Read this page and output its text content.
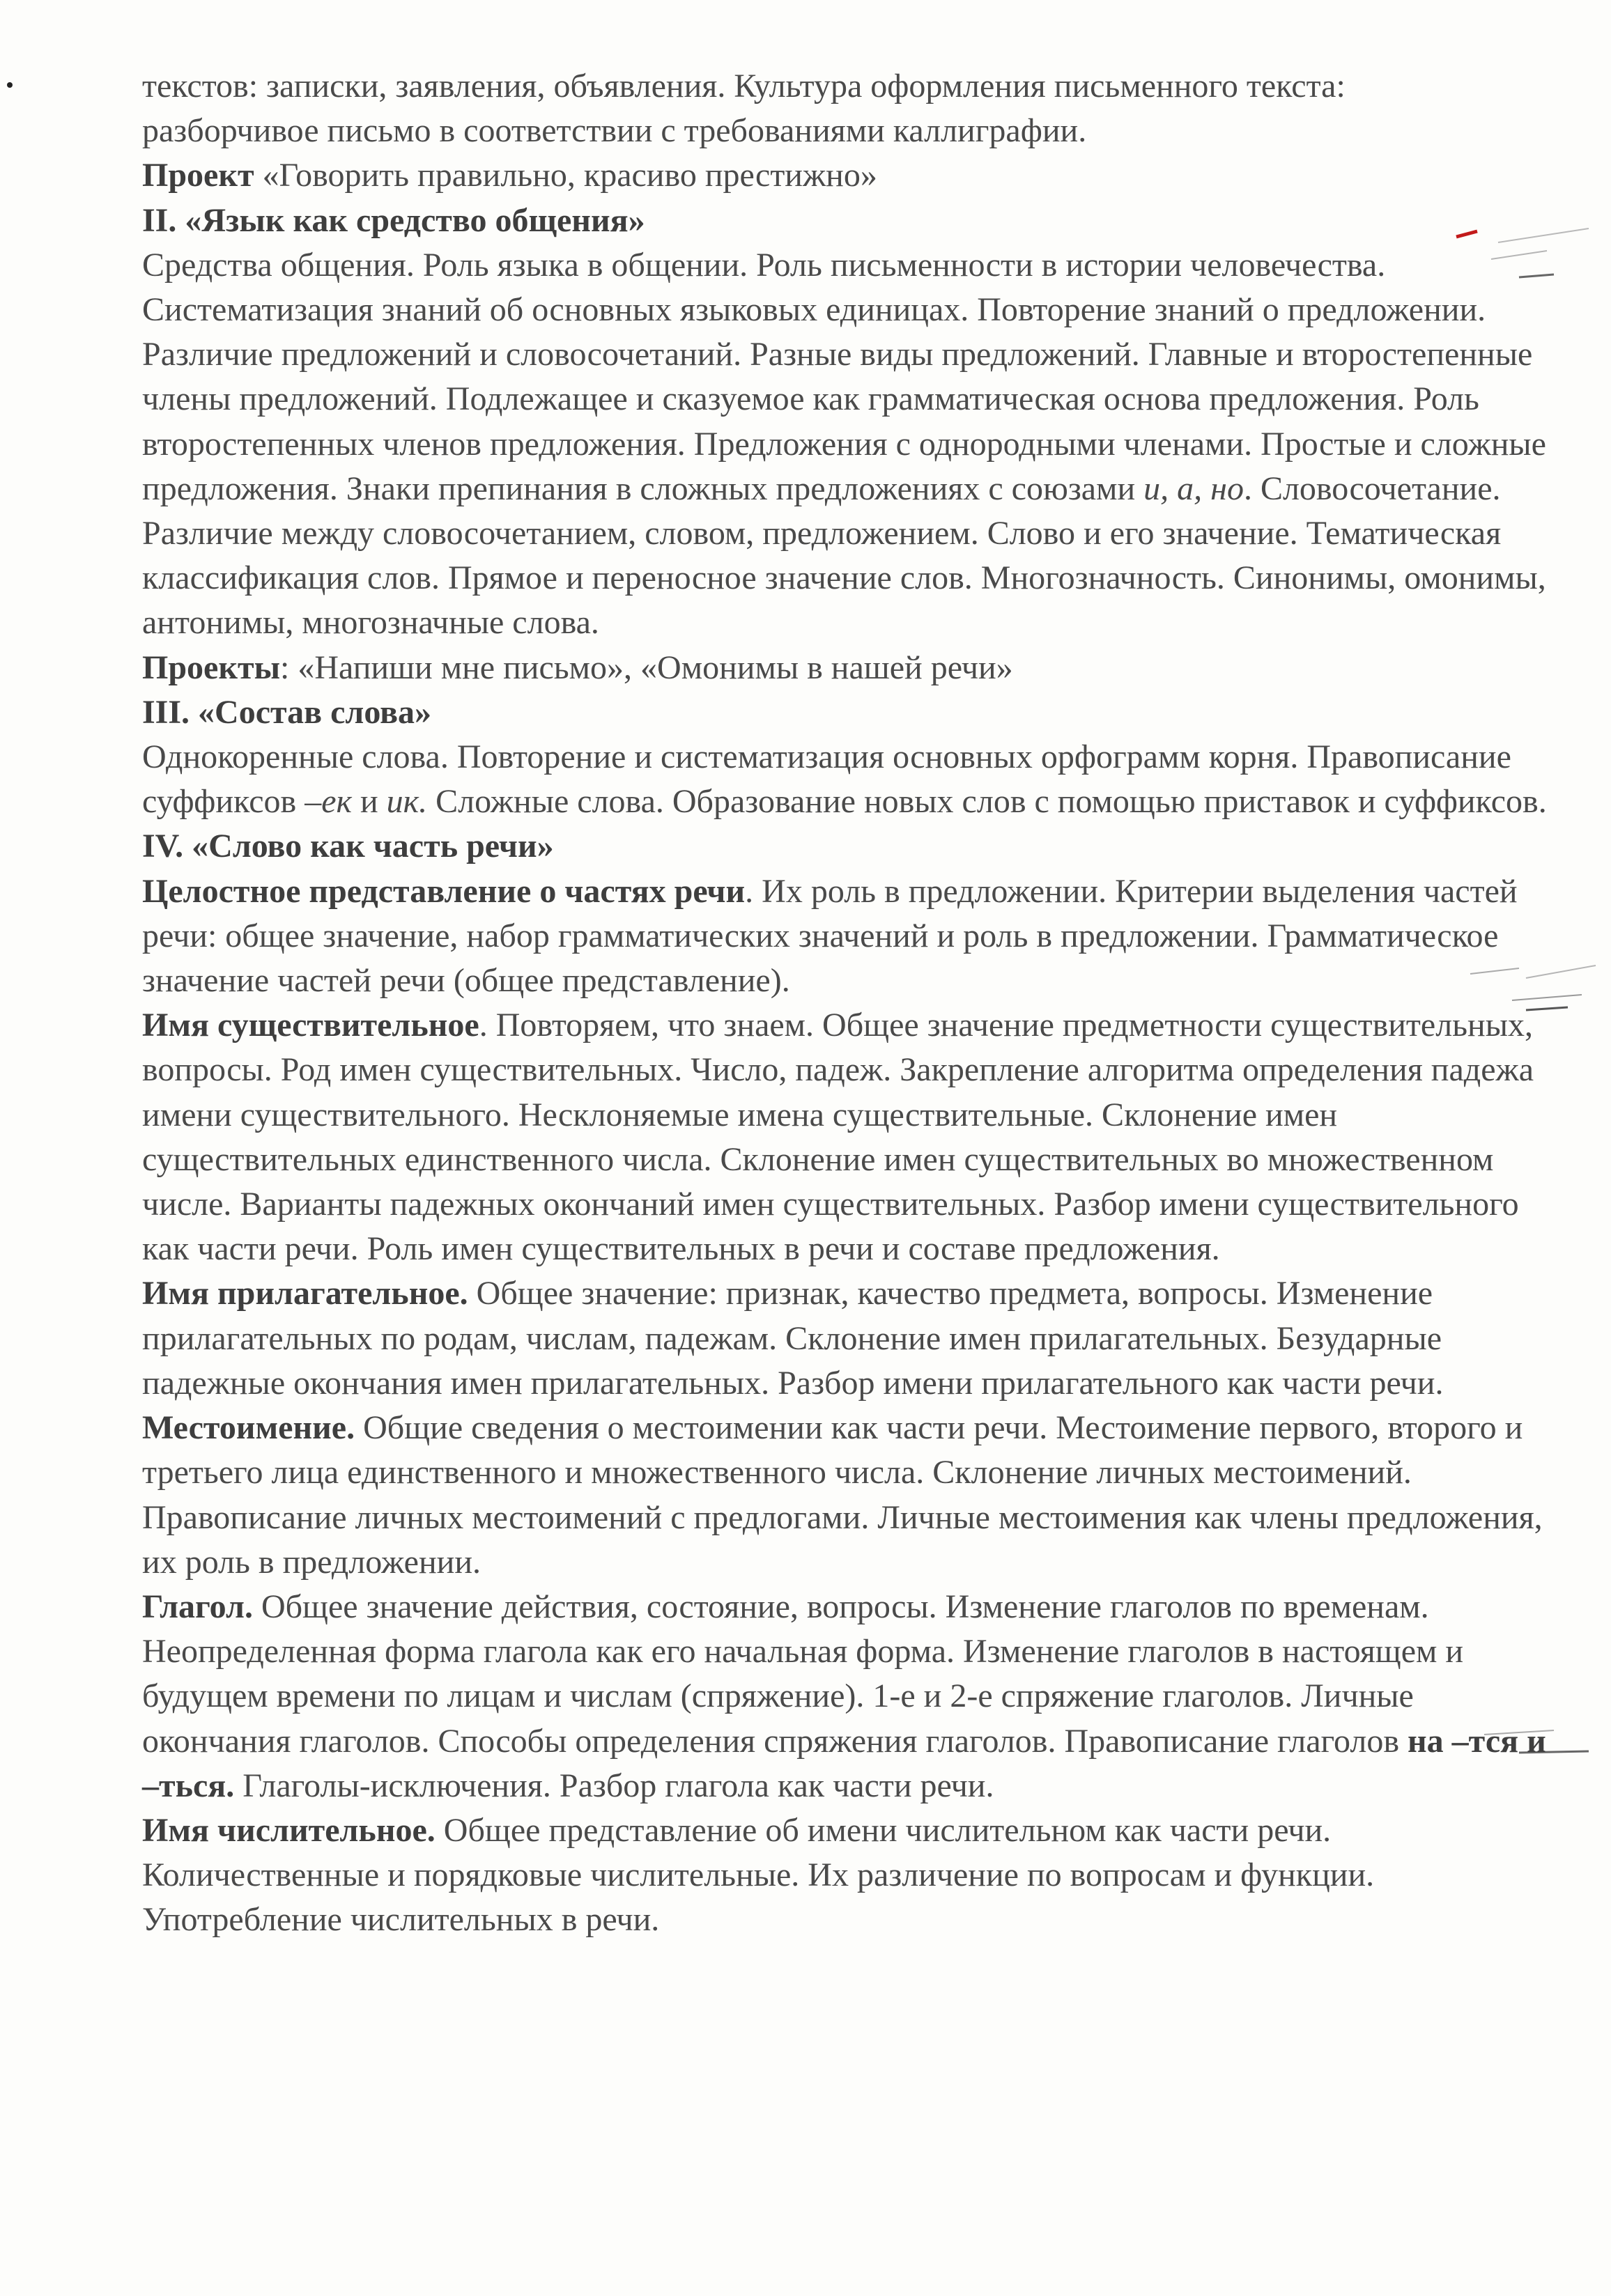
текстов: записки, заявления, объявления. Культура оформления письменного текста:

разборчивое письмо в соответствии с требованиями каллиграфии.

Проект «Говорить правильно, красиво престижно»

II. «Язык как средство общения»

Средства общения. Роль языка в общении. Роль письменности в истории человечества. Систематизация знаний об основных языковых единицах. Повторение знаний о предложении. Различие предложений и словосочетаний. Разные виды предложений. Главные и второстепенные члены предложений. Подлежащее и сказуемое как грамматическая основа предложения. Роль второстепенных членов предложения. Предложения с однородными членами. Простые и сложные предложения. Знаки препинания в сложных предложениях с союзами и, а, но. Словосочетание. Различие между словосочетанием, словом, предложением. Слово и его значение. Тематическая классификация слов. Прямое и переносное значение слов. Многозначность. Синонимы, омонимы, антонимы, многозначные слова.

Проекты: «Напиши мне письмо», «Омонимы в нашей речи»

III. «Состав слова»

Однокоренные слова. Повторение и систематизация основных орфограмм корня. Правописание суффиксов –ек и ик. Сложные слова. Образование новых слов с помощью приставок и суффиксов.

IV. «Слово как часть речи»

Целостное представление о частях речи. Их роль в предложении. Критерии выделения частей речи: общее значение, набор грамматических значений и роль в предложении. Грамматическое значение частей речи (общее представление).

Имя существительное. Повторяем, что знаем. Общее значение предметности существительных, вопросы. Род имен существительных. Число, падеж. Закрепление алгоритма определения падежа имени существительного. Несклоняемые имена существительные. Склонение имен существительных единственного числа. Склонение имен существительных во множественном числе. Варианты падежных окончаний имен существительных. Разбор имени существительного как части речи. Роль имен существительных в речи и составе предложения.

Имя прилагательное. Общее значение: признак, качество предмета, вопросы. Изменение прилагательных по родам, числам, падежам. Склонение имен прилагательных. Безударные падежные окончания имен прилагательных. Разбор имени прилагательного как части речи.

Местоимение. Общие сведения о местоимении как части речи. Местоимение первого, второго и третьего лица единственного и множественного числа. Склонение личных местоимений. Правописание личных местоимений с предлогами. Личные местоимения как члены предложения, их роль в предложении.

Глагол. Общее значение действия, состояние, вопросы. Изменение глаголов по временам. Неопределенная форма глагола как его начальная форма. Изменение глаголов в настоящем и будущем времени по лицам и числам (спряжение). 1-е и 2-е спряжение глаголов. Личные окончания глаголов. Способы определения спряжения глаголов. Правописание глаголов на –тся и –ться. Глаголы-исключения. Разбор глагола как части речи.

Имя числительное. Общее представление об имени числительном как части речи. Количественные и порядковые числительные. Их различение по вопросам и функции. Употребление числительных в речи.
